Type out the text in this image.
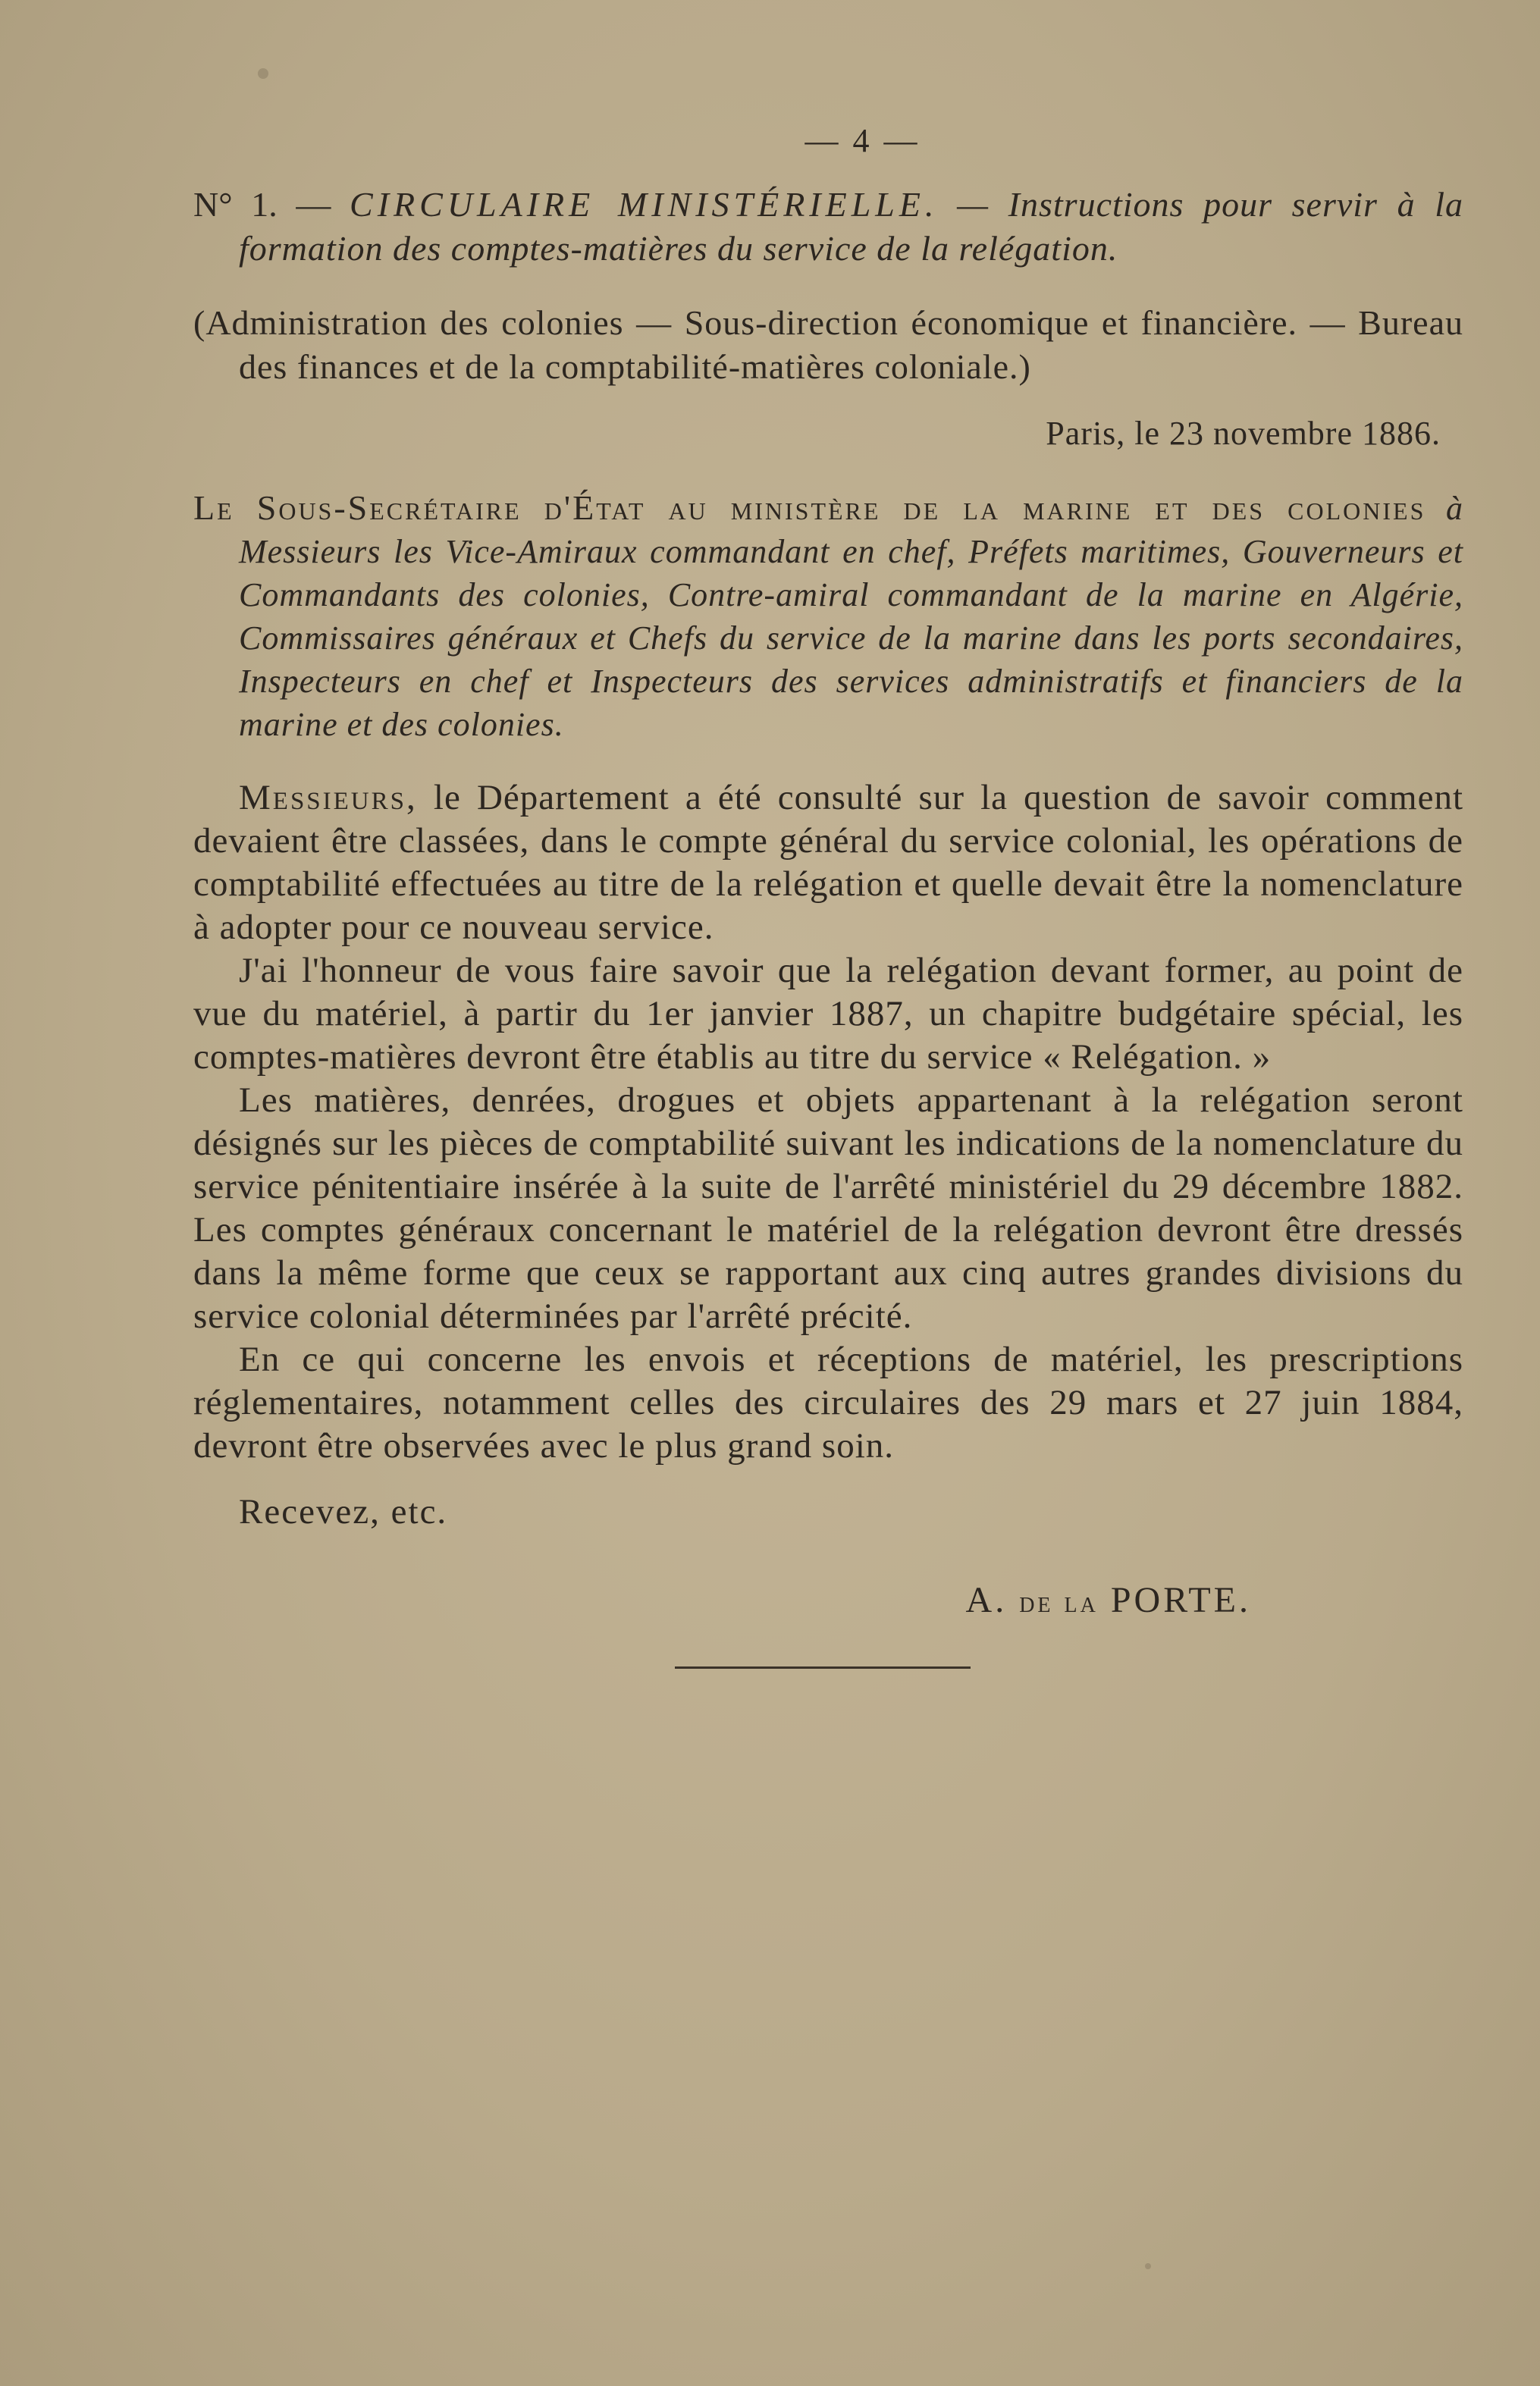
— 4 —

N° 1. — CIRCULAIRE MINISTÉRIELLE. — Instructions pour servir à la formation des comptes-matières du service de la relégation.

(Administration des colonies — Sous-direction économique et financière. — Bureau des finances et de la comptabilité-matières coloniale.)

Paris, le 23 novembre 1886.

Le Sous-Secrétaire d'État au ministère de la marine et des colonies à Messieurs les Vice-Amiraux commandant en chef, Préfets maritimes, Gouverneurs et Commandants des colonies, Contre-amiral commandant de la marine en Algérie, Commissaires généraux et Chefs du service de la marine dans les ports secondaires, Inspecteurs en chef et Inspecteurs des services administratifs et financiers de la marine et des colonies.

Messieurs, le Département a été consulté sur la question de savoir comment devaient être classées, dans le compte général du service colonial, les opérations de comptabilité effectuées au titre de la relégation et quelle devait être la nomenclature à adopter pour ce nouveau service.

J'ai l'honneur de vous faire savoir que la relégation devant former, au point de vue du matériel, à partir du 1er janvier 1887, un chapitre budgétaire spécial, les comptes-matières devront être établis au titre du service « Relégation. »

Les matières, denrées, drogues et objets appartenant à la relégation seront désignés sur les pièces de comptabilité suivant les indications de la nomenclature du service pénitentiaire insérée à la suite de l'arrêté ministériel du 29 décembre 1882. Les comptes généraux concernant le matériel de la relégation devront être dressés dans la même forme que ceux se rapportant aux cinq autres grandes divisions du service colonial déterminées par l'arrêté précité.

En ce qui concerne les envois et réceptions de matériel, les prescriptions réglementaires, notamment celles des circulaires des 29 mars et 27 juin 1884, devront être observées avec le plus grand soin.

Recevez, etc.

A. de la PORTE.
